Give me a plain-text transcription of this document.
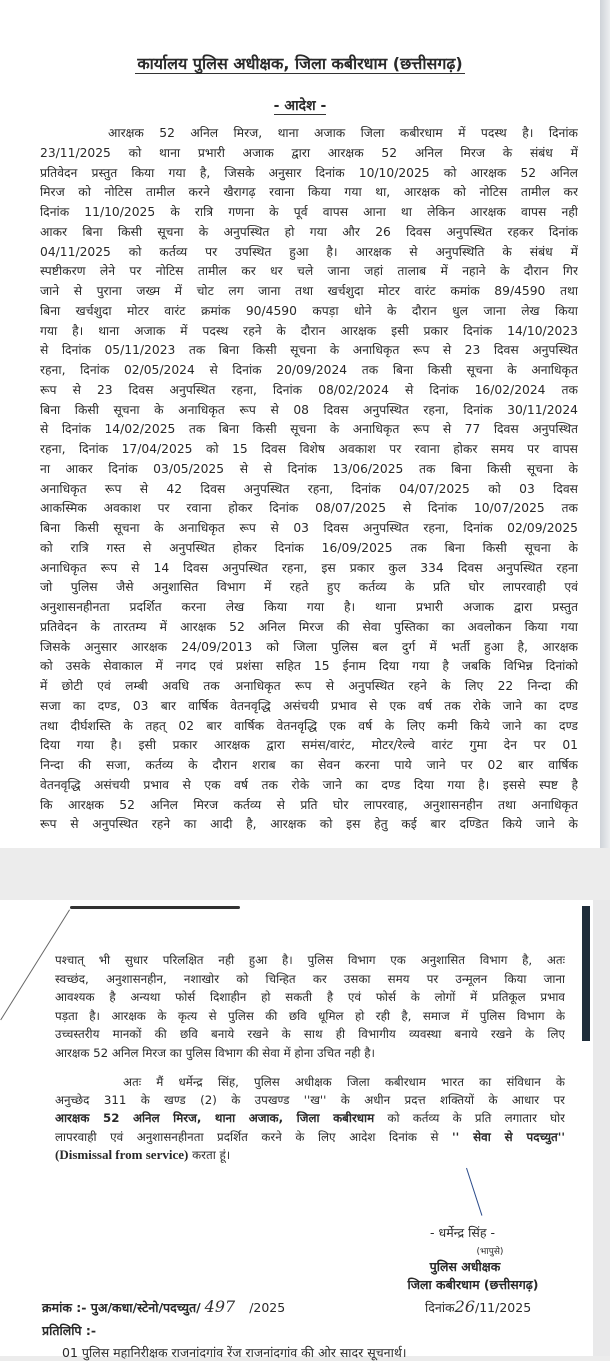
कार्यालय पुलिस अधीक्षक, जिला कबीरधाम (छत्तीसगढ़)
- आदेश -
आरक्षक 52 अनिल मिरज, थाना अजाक जिला कबीरधाम में पदस्थ है। दिनांक
23/11/2025 को थाना प्रभारी अजाक द्वारा आरक्षक 52 अनिल मिरज के संबंध में
प्रतिवेदन प्रस्तुत किया गया है, जिसके अनुसार दिनांक 10/10/2025 को आरक्षक 52 अनिल
मिरज को नोटिस तामील करने खैरागढ़ रवाना किया गया था, आरक्षक को नोटिस तामील कर
दिनांक 11/10/2025 के रात्रि गणना के पूर्व वापस आना था लेकिन आरक्षक वापस नही
आकर बिना किसी सूचना के अनुपस्थित हो गया और 26 दिवस अनुपस्थित रहकर दिनांक
04/11/2025 को कर्तव्य पर उपस्थित हुआ है। आरक्षक से अनुपस्थिति के संबंध में
स्पष्टीकरण लेने पर नोटिस तामील कर धर चले जाना जहां तालाब में नहाने के दौरान गिर
जाने से पुराना जख्म में चोट लग जाना तथा खर्चशुदा मोटर वारंट कमांक 89/4590 तथा
बिना खर्चशुदा मोटर वारंट क्रमांक 90/4590 कपड़ा धोने के दौरान धुल जाना लेख किया
गया है। थाना अजाक में पदस्थ रहने के दौरान आरक्षक इसी प्रकार दिनांक 14/10/2023
से दिनांक 05/11/2023 तक बिना किसी सूचना के अनाधिकृत रूप से 23 दिवस अनुपस्थित
रहना, दिनांक 02/05/2024 से दिनांक 20/09/2024 तक बिना किसी सूचना के अनाधिकृत
रूप से 23 दिवस अनुपस्थित रहना, दिनांक 08/02/2024 से दिनांक 16/02/2024 तक
बिना किसी सूचना के अनाधिकृत रूप से 08 दिवस अनुपस्थित रहना, दिनांक 30/11/2024
से दिनांक 14/02/2025 तक बिना किसी सूचना के अनाधिकृत रूप से 77 दिवस अनुपस्थित
रहना, दिनांक 17/04/2025 को 15 दिवस विशेष अवकाश पर रवाना होकर समय पर वापस
ना आकर दिनांक 03/05/2025 से से दिनांक 13/06/2025 तक बिना किसी सूचना के
अनाधिकृत रूप से 42 दिवस अनुपस्थित रहना, दिनांक 04/07/2025 को 03 दिवस
आकस्मिक अवकाश पर रवाना होकर दिनांक 08/07/2025 से दिनांक 10/07/2025 तक
बिना किसी सूचना के अनाधिकृत रूप से 03 दिवस अनुपस्थित रहना, दिनांक 02/09/2025
को रात्रि गस्त से अनुपस्थित होकर दिनांक 16/09/2025 तक बिना किसी सूचना के
अनाधिकृत रूप से 14 दिवस अनुपस्थित रहना, इस प्रकार कुल 334 दिवस अनुपस्थित रहना
जो पुलिस जैसे अनुशासित विभाग में रहते हुए कर्तव्य के प्रति घोर लापरवाही एवं
अनुशासनहीनता प्रदर्शित करना लेख किया गया है। थाना प्रभारी अजाक द्वारा प्रस्तुत
प्रतिवेदन के तारतम्य में आरक्षक 52 अनिल मिरज की सेवा पुस्तिका का अवलोकन किया गया
जिसके अनुसार आरक्षक 24/09/2013 को जिला पुलिस बल दुर्ग में भर्ती हुआ है, आरक्षक
को उसके सेवाकाल में नगद एवं प्रशंसा सहित 15 ईनाम दिया गया है जबकि विभिन्न दिनांको
में छोटी एवं लम्बी अवधि तक अनाधिकृत रूप से अनुपस्थित रहने के लिए 22 निन्दा की
सजा का दण्ड, 03 बार वार्षिक वेतनवृद्धि असंचयी प्रभाव से एक वर्ष तक रोके जाने का दण्ड
तथा दीर्घशस्ति के तहत् 02 बार वार्षिक वेतनवृद्धि एक वर्ष के लिए कमी किये जाने का दण्ड
दिया गया है। इसी प्रकार आरक्षक द्वारा समंस/वारंट, मोटर/रेल्वे वारंट गुमा देन पर 01
निन्दा की सजा, कर्तव्य के दौरान शराब का सेवन करना पाये जाने पर 02 बार वार्षिक
वेतनवृद्धि असंचयी प्रभाव से एक वर्ष तक रोके जाने का दण्ड दिया गया है। इससे स्पष्ट है
कि आरक्षक 52 अनिल मिरज कर्तव्य से प्रति घोर लापरवाह, अनुशासनहीन तथा अनाधिकृत
रूप से अनुपस्थित रहने का आदी है, आरक्षक को इस हेतु कई बार दण्डित किये जाने के
पश्चात् भी सुधार परिलक्षित नही हुआ है। पुलिस विभाग एक अनुशासित विभाग है, अतः
स्वच्छंद, अनुशासनहीन, नशाखोर को चिन्हित कर उसका समय पर उन्मूलन किया जाना
आवश्यक है अन्यथा फोर्स दिशाहीन हो सकती है एवं फोर्स के लोगों में प्रतिकूल प्रभाव
पड़ता है। आरक्षक के कृत्य से पुलिस की छवि धूमिल हो रही है, समाज में पुलिस विभाग के
उच्चस्तरीय मानकों की छवि बनाये रखने के साथ ही विभागीय व्यवस्था बनाये रखने के लिए
आरक्षक 52 अनिल मिरज का पुलिस विभाग की सेवा में होना उचित नही है।
अतः मैं धर्मेन्द्र सिंह, पुलिस अधीक्षक जिला कबीरधाम भारत का संविधान के
अनुच्छेद 311 के खण्ड (2) के उपखण्ड ''ख'' के अधीन प्रदत्त शक्तियों के आधार पर
आरक्षक 52 अनिल मिरज, थाना अजाक, जिला कबीरधाम को कर्तव्य के प्रति लगातार घोर
लापरवाही एवं अनुशासनहीनता प्रदर्शित करने के लिए आदेश दिनांक से '' सेवा से पदच्युत''
(Dismissal from service) करता हूं।
- धर्मेन्द्र सिंह -
(भापुसे)
पुलिस अधीक्षक
जिला कबीरधाम (छत्तीसगढ़)
क्रमांक :- पुअ/कधा/स्टेनो/पदच्युत/ 497 /2025	दिनांक26/11/2025
प्रतिलिपि :-
01 पुलिस महानिरीक्षक राजनांदगांव रेंज राजनांदगांव की ओर सादर सूचनार्थ।
